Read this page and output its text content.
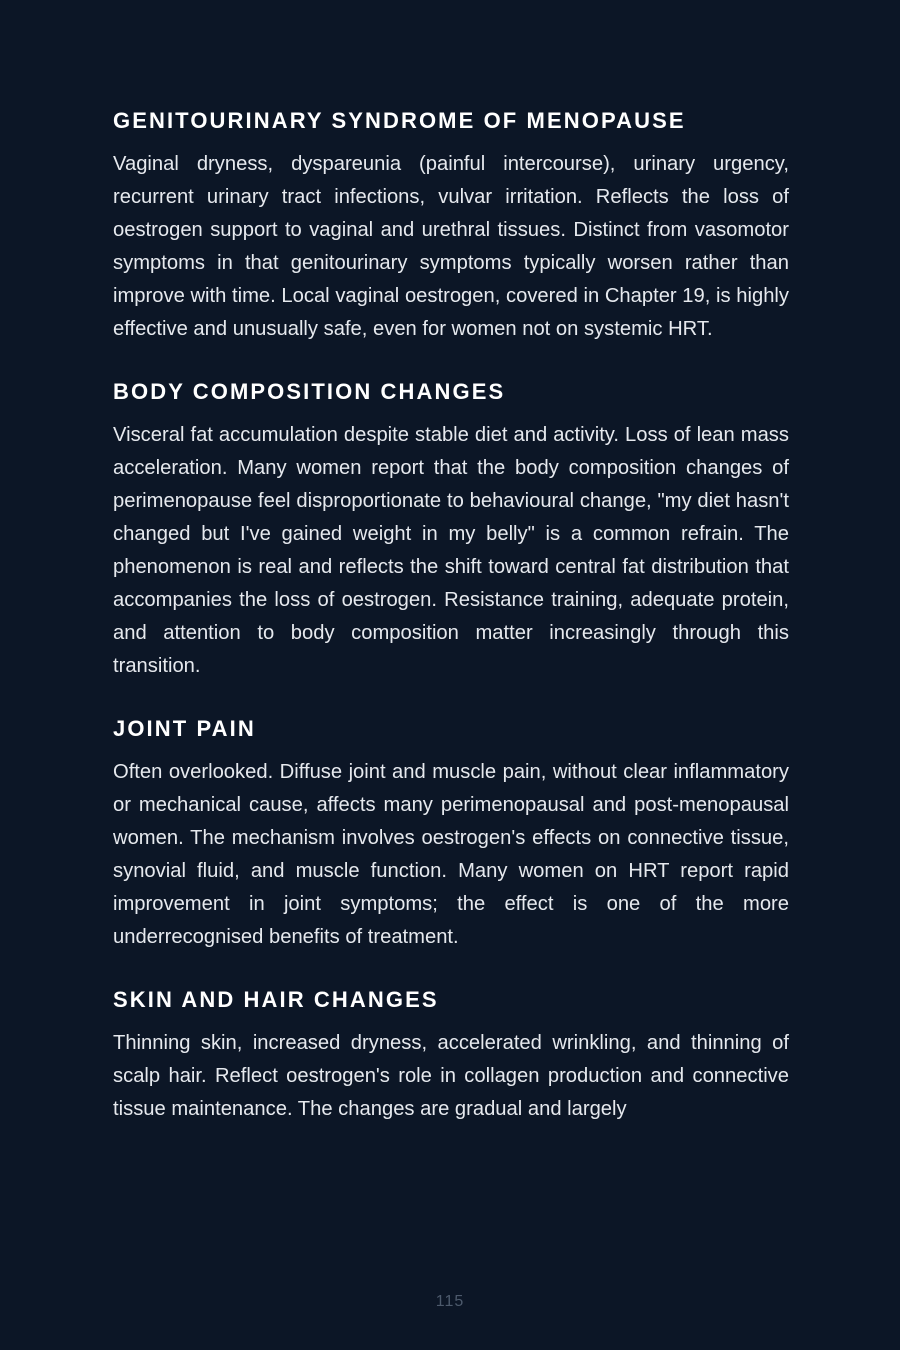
GENITOURINARY SYNDROME OF MENOPAUSE

Vaginal dryness, dyspareunia (painful intercourse), urinary urgency, recurrent urinary tract infections, vulvar irritation. Reflects the loss of oestrogen support to vaginal and urethral tissues. Distinct from vasomotor symptoms in that genitourinary symptoms typically worsen rather than improve with time. Local vaginal oestrogen, covered in Chapter 19, is highly effective and unusually safe, even for women not on systemic HRT.

BODY COMPOSITION CHANGES

Visceral fat accumulation despite stable diet and activity. Loss of lean mass acceleration. Many women report that the body composition changes of perimenopause feel disproportionate to behavioural change, "my diet hasn't changed but I've gained weight in my belly" is a common refrain. The phenomenon is real and reflects the shift toward central fat distribution that accompanies the loss of oestrogen. Resistance training, adequate protein, and attention to body composition matter increasingly through this transition.

JOINT PAIN

Often overlooked. Diffuse joint and muscle pain, without clear inflammatory or mechanical cause, affects many perimenopausal and post-menopausal women. The mechanism involves oestrogen's effects on connective tissue, synovial fluid, and muscle function. Many women on HRT report rapid improvement in joint symptoms; the effect is one of the more underrecognised benefits of treatment.

SKIN AND HAIR CHANGES

Thinning skin, increased dryness, accelerated wrinkling, and thinning of scalp hair. Reflect oestrogen's role in collagen production and connective tissue maintenance. The changes are gradual and largely

115
